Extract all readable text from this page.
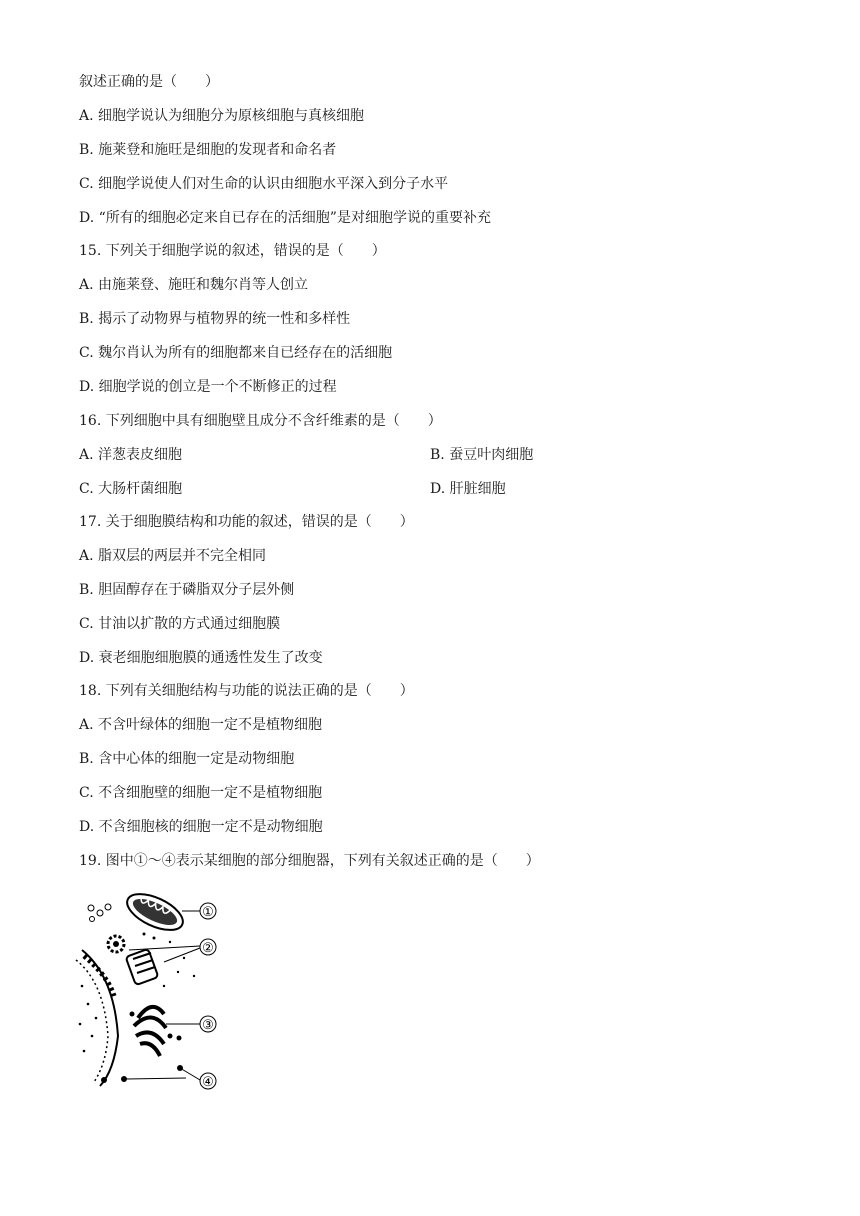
叙述正确的是（　　）
A. 细胞学说认为细胞分为原核细胞与真核细胞
B. 施莱登和施旺是细胞的发现者和命名者
C. 细胞学说使人们对生命的认识由细胞水平深入到分子水平
D. “所有的细胞必定来自已存在的活细胞”是对细胞学说的重要补充
15. 下列关于细胞学说的叙述，错误的是（　　）
A. 由施莱登、施旺和魏尔肖等人创立
B. 揭示了动物界与植物界的统一性和多样性
C. 魏尔肖认为所有的细胞都来自已经存在的活细胞
D. 细胞学说的创立是一个不断修正的过程
16. 下列细胞中具有细胞壁且成分不含纤维素的是（　　）
A. 洋葱表皮细胞
C. 大肠杆菌细胞
17. 关于细胞膜结构和功能的叙述，错误的是（　　）
A. 脂双层的两层并不完全相同
B. 胆固醇存在于磷脂双分子层外侧
C. 甘油以扩散的方式通过细胞膜
D. 衰老细胞细胞膜的通透性发生了改变
18. 下列有关细胞结构与功能的说法正确的是（　　）
A. 不含叶绿体的细胞一定不是植物细胞
B. 含中心体的细胞一定是动物细胞
C. 不含细胞壁的细胞一定不是植物细胞
D. 不含细胞核的细胞一定不是动物细胞
19. 图中①～④表示某细胞的部分细胞器，下列有关叙述正确的是（　　）
B. 蚕豆叶肉细胞
D. 肝脏细胞
①
②
③
④
